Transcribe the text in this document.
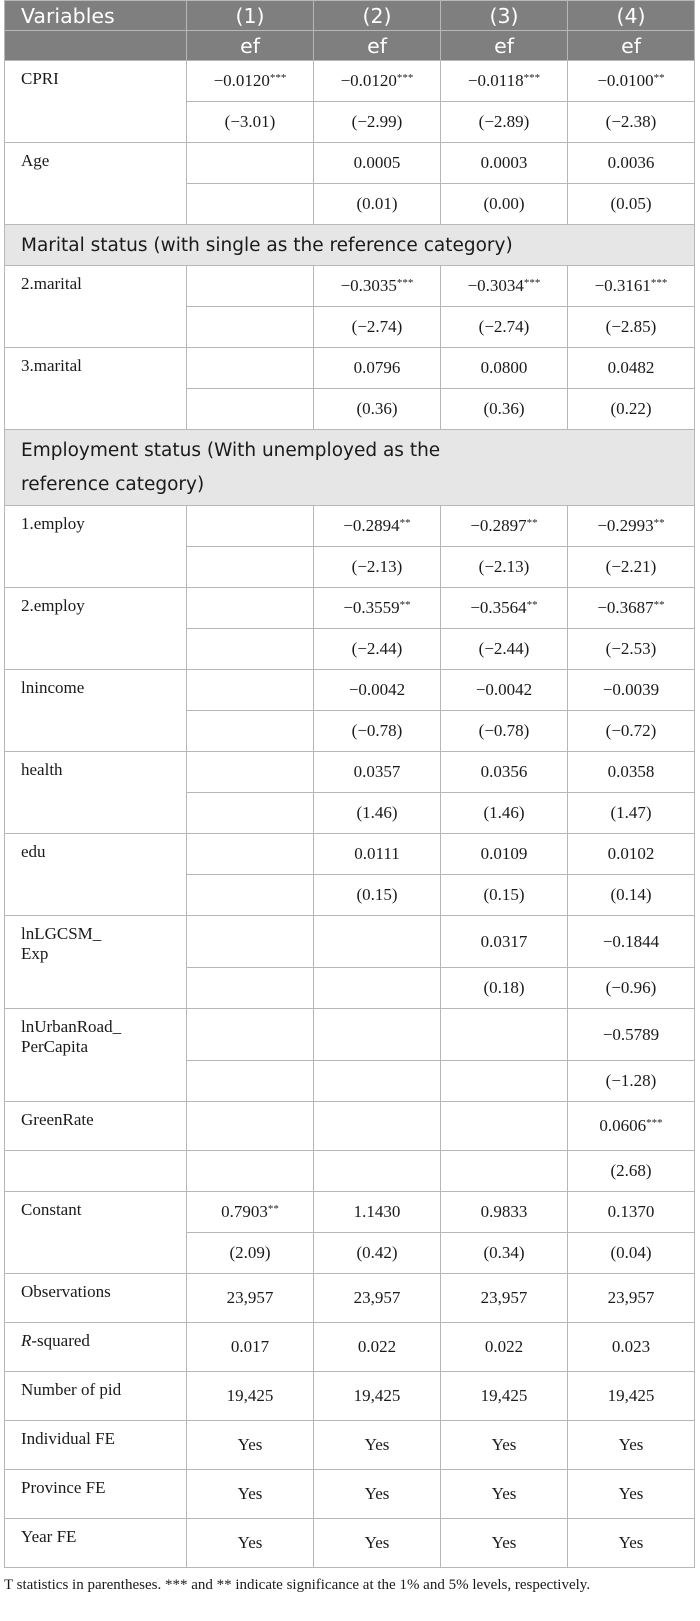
Variables	(1)	(2)	(3)	(4)
	ef	ef	ef	ef
CPRI	−0.0120***	−0.0120***	−0.0118***	−0.0100**
	(−3.01)	(−2.99)	(−2.89)	(−2.38)
Age		0.0005	0.0003	0.0036
		(0.01)	(0.00)	(0.05)
Marital status (with single as the reference category)				
2.marital		−0.3035***	−0.3034***	−0.3161***
		(−2.74)	(−2.74)	(−2.85)
3.marital		0.0796	0.0800	0.0482
		(0.36)	(0.36)	(0.22)
Employment status (With unemployed as the
reference category)				
1.employ		−0.2894**	−0.2897**	−0.2993**
		(−2.13)	(−2.13)	(−2.21)
2.employ		−0.3559**	−0.3564**	−0.3687**
		(−2.44)	(−2.44)	(−2.53)
lnincome		−0.0042	−0.0042	−0.0039
		(−0.78)	(−0.78)	(−0.72)
health		0.0357	0.0356	0.0358
		(1.46)	(1.46)	(1.47)
edu		0.0111	0.0109	0.0102
		(0.15)	(0.15)	(0.14)
lnLGCSM_
Exp			0.0317	−0.1844
			(0.18)	(−0.96)
lnUrbanRoad_
PerCapita				−0.5789
				(−1.28)
GreenRate				0.0606***
				(2.68)
Constant	0.7903**	1.1430	0.9833	0.1370
	(2.09)	(0.42)	(0.34)	(0.04)
Observations	23,957	23,957	23,957	23,957
R-squared	0.017	0.022	0.022	0.023
Number of pid	19,425	19,425	19,425	19,425
Individual FE	Yes	Yes	Yes	Yes
Province FE	Yes	Yes	Yes	Yes
Year FE	Yes	Yes	Yes	Yes
T statistics in parentheses. *** and ** indicate significance at the 1% and 5% levels, respectively.
